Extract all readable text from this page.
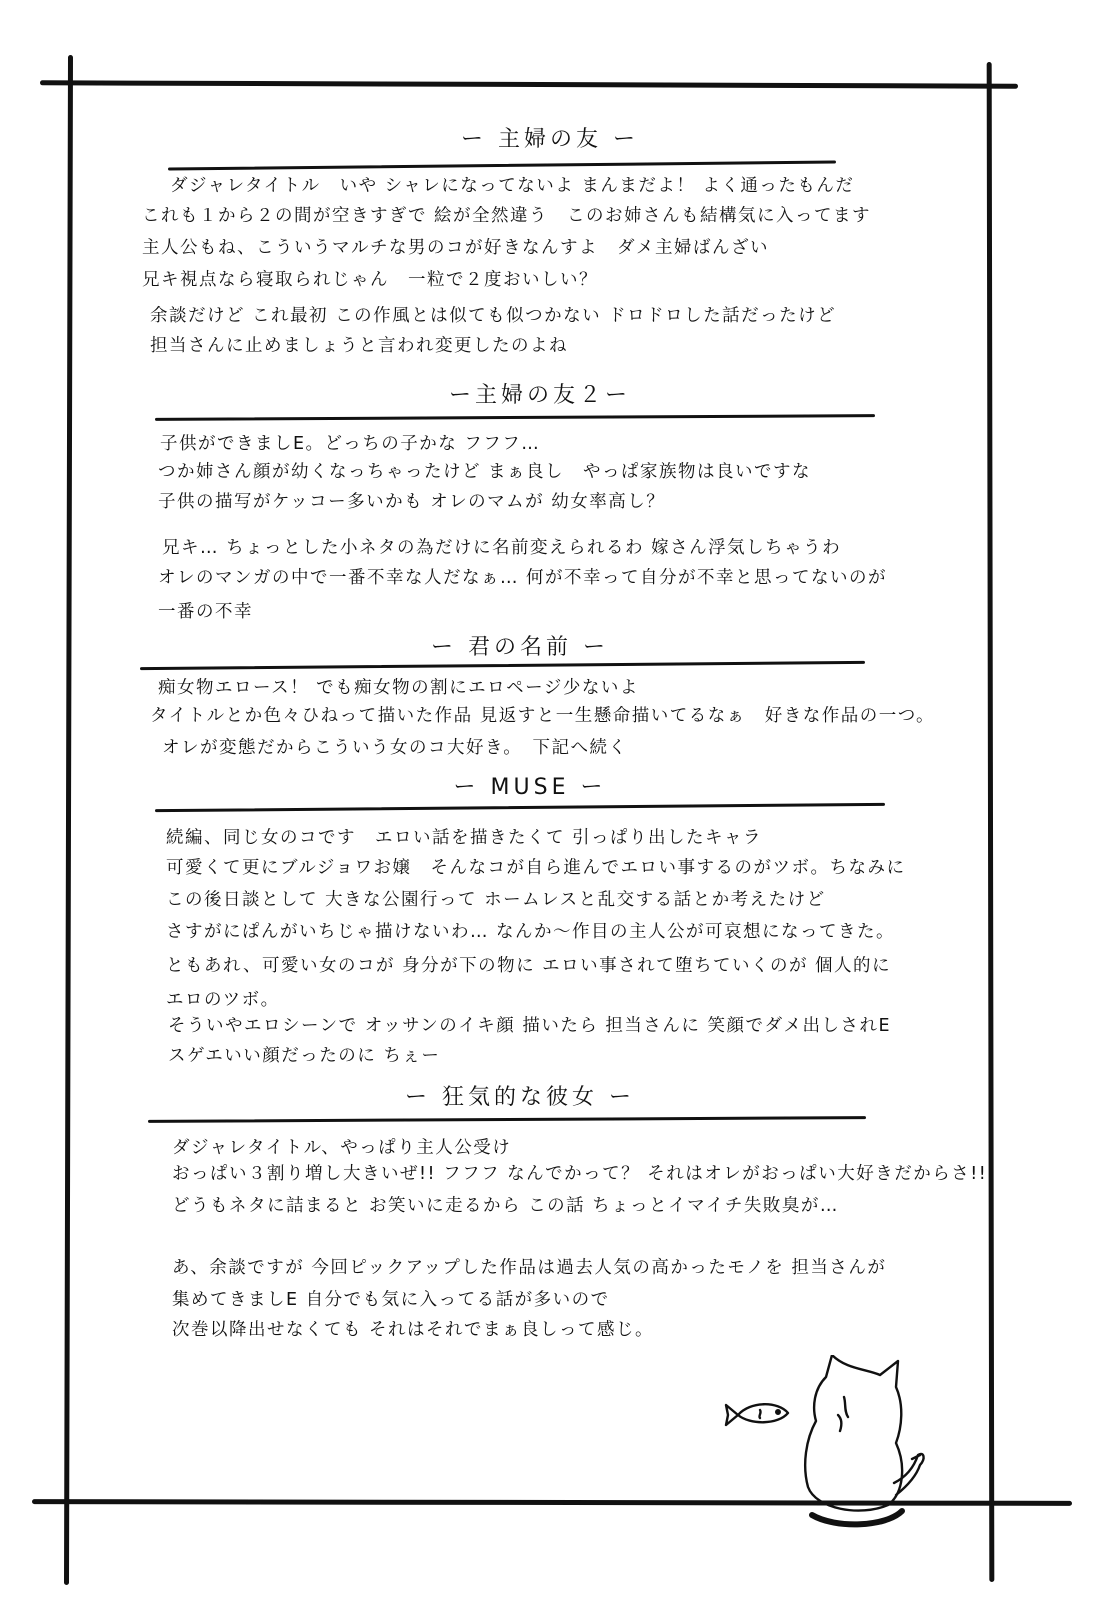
ー 主婦の友 ー
ダジャレタイトル　いや シャレになってないよ まんまだよ！ よく通ったもんだ
これも１から２の間が空きすぎで 絵が全然違う　このお姉さんも結構気に入ってます
主人公もね、こういうマルチな男のコが好きなんすよ　ダメ主婦ばんざい
兄キ視点なら寝取られじゃん　一粒で２度おいしい？
余談だけど これ最初 この作風とは似ても似つかない ドロドロした話だったけど
担当さんに止めましょうと言われ変更したのよね
ー主婦の友２ー
子供ができましE。どっちの子かな フフフ…
つか姉さん顔が幼くなっちゃったけど まぁ良し　やっぱ家族物は良いですな
子供の描写がケッコー多いかも オレのマムが 幼女率高し？
兄キ… ちょっとした小ネタの為だけに名前変えられるわ 嫁さん浮気しちゃうわ
オレのマンガの中で一番不幸な人だなぁ… 何が不幸って自分が不幸と思ってないのが
一番の不幸
ー 君の名前 ー
痴女物エロース！ でも痴女物の割にエロページ少ないよ
タイトルとか色々ひねって描いた作品 見返すと一生懸命描いてるなぁ　好きな作品の一つ。
オレが変態だからこういう女のコ大好き。　下記へ続く
ー MUSE ー
続編、同じ女のコです　エロい話を描きたくて 引っぱり出したキャラ
可愛くて更にブルジョワお嬢　そんなコが自ら進んでエロい事するのがツボ。ちなみに
この後日談として 大きな公園行って ホームレスと乱交する話とか考えたけど
さすがにぱんがいちじゃ描けないわ… なんか～作目の主人公が可哀想になってきた。
ともあれ、可愛い女のコが 身分が下の物に エロい事されて堕ちていくのが 個人的に
エロのツボ。
そういやエロシーンで オッサンのイキ顔 描いたら 担当さんに 笑顔でダメ出しされE
スゲエいい顔だったのに ちぇー
ー 狂気的な彼女 ー
ダジャレタイトル、やっぱり主人公受け
おっぱい３割り増し大きいぜ!! フフフ なんでかって？ それはオレがおっぱい大好きだからさ!!
どうもネタに詰まると お笑いに走るから この話 ちょっとイマイチ失敗臭が…
あ、余談ですが 今回ピックアップした作品は過去人気の高かったモノを 担当さんが
集めてきましE 自分でも気に入ってる話が多いので
次巻以降出せなくても それはそれでまぁ良しって感じ。
